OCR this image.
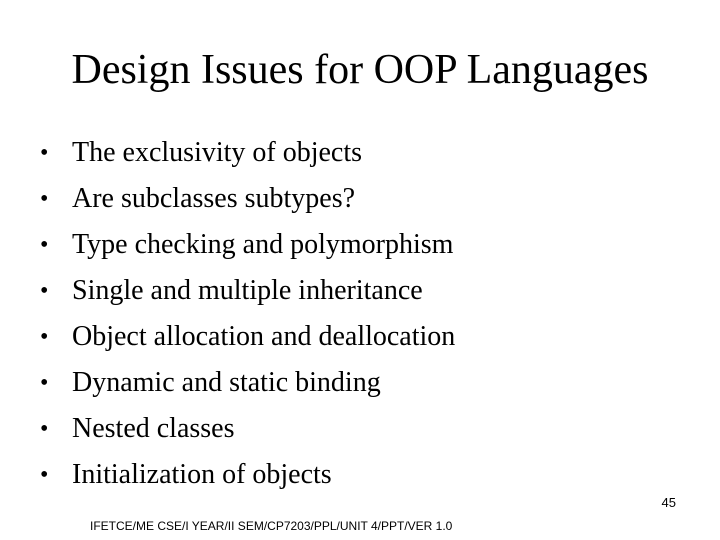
Design Issues for OOP Languages
• The exclusivity of objects
• Are subclasses subtypes?
• Type checking and polymorphism
• Single and multiple inheritance
• Object allocation and deallocation
• Dynamic and static binding
• Nested classes
• Initialization of objects
45
IFETCE/ME CSE/I YEAR/II SEM/CP7203/PPL/UNIT 4/PPT/VER 1.0
